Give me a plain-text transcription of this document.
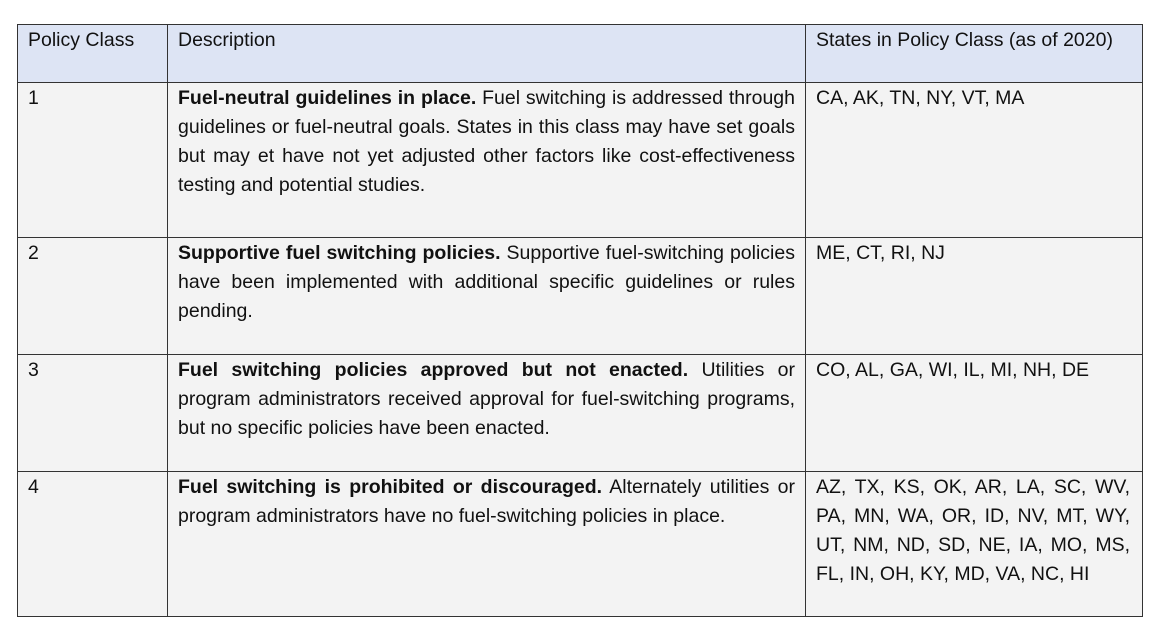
Policy Class	Description	States in Policy Class (as of 2020)
1	Fuel-neutral guidelines in place. Fuel switching is addressed through guidelines or fuel-neutral goals. States in this class may have set goals but may et have not yet adjusted other factors like cost-effectiveness testing and potential studies.	CA, AK, TN, NY, VT, MA
2	Supportive fuel switching policies. Supportive fuel-switching policies have been implemented with additional specific guidelines or rules pending.	ME, CT, RI, NJ
3	Fuel switching policies approved but not enacted. Utilities or program administrators received approval for fuel-switching programs, but no specific policies have been enacted.	CO, AL, GA, WI, IL, MI, NH, DE
4	Fuel switching is prohibited or discouraged. Alternately utilities or program administrators have no fuel-switching policies in place.	AZ, TX, KS, OK, AR, LA, SC, WV, PA, MN, WA, OR, ID, NV, MT, WY, UT, NM, ND, SD, NE, IA, MO, MS, FL, IN, OH, KY, MD, VA, NC, HI
